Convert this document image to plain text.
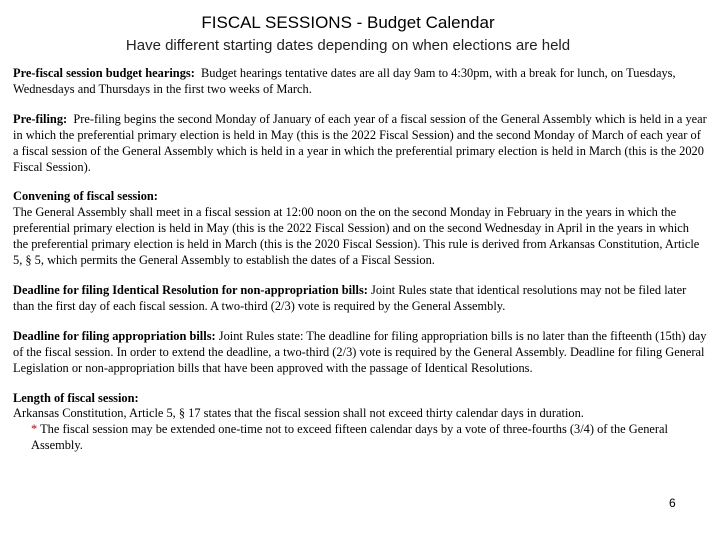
FISCAL SESSIONS - Budget Calendar
Have different starting dates depending on when elections are held
Pre-fiscal session budget hearings: Budget hearings tentative dates are all day 9am to 4:30pm, with a break for lunch, on Tuesdays, Wednesdays and Thursdays in the first two weeks of March.
Pre-filing: Pre-filing begins the second Monday of January of each year of a fiscal session of the General Assembly which is held in a year in which the preferential primary election is held in May (this is the 2022 Fiscal Session) and the second Monday of March of each year of a fiscal session of the General Assembly which is held in a year in which the preferential primary election is held in March (this is the 2020 Fiscal Session).
Convening of fiscal session:
The General Assembly shall meet in a fiscal session at 12:00 noon on the on the second Monday in February in the years in which the preferential primary election is held in May (this is the 2022 Fiscal Session) and on the second Wednesday in April in the years in which the preferential primary election is held in March (this is the 2020 Fiscal Session). This rule is derived from Arkansas Constitution, Article 5, § 5, which permits the General Assembly to establish the dates of a Fiscal Session.
Deadline for filing Identical Resolution for non-appropriation bills: Joint Rules state that identical resolutions may not be filed later than the first day of each fiscal session. A two-third (2/3) vote is required by the General Assembly.
Deadline for filing appropriation bills: Joint Rules state: The deadline for filing appropriation bills is no later than the fifteenth (15th) day of the fiscal session. In order to extend the deadline, a two-third (2/3) vote is required by the General Assembly. Deadline for filing General Legislation or non-appropriation bills that have been approved with the passage of Identical Resolutions.
Length of fiscal session:
Arkansas Constitution, Article 5, § 17 states that the fiscal session shall not exceed thirty calendar days in duration.
* The fiscal session may be extended one-time not to exceed fifteen calendar days by a vote of three-fourths (3/4) of the General Assembly.
6
